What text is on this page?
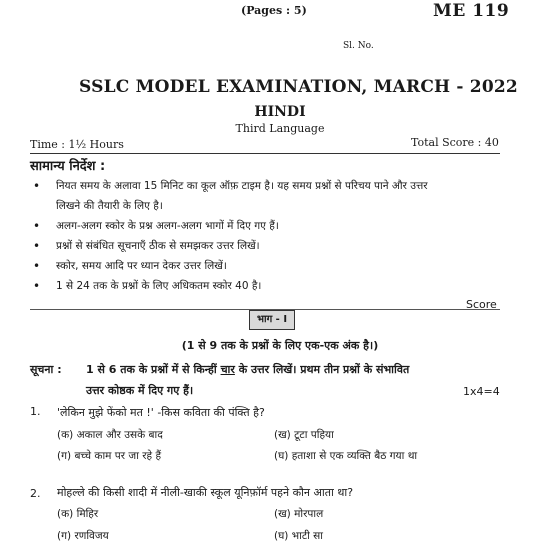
(Pages : 5)	ME 119
Sl. No.
SSLC MODEL EXAMINATION, MARCH - 2022
HINDI
Third Language
Time : 1½ Hours	Total Score : 40
सामान्य निर्देश :
• नियत समय के अलावा 15 मिनिट का कूल ऑफ़ टाइम है। यह समय प्रश्नों से परिचय पाने और उत्तर
लिखने की तैयारी के लिए है।
• अलग-अलग स्कोर के प्रश्न अलग-अलग भागों में दिए गए हैं।
• प्रश्नों से संबंधित सूचनाएँ ठीक से समझकर उत्तर लिखें।
• स्कोर, समय आदि पर ध्यान देकर उत्तर लिखें।
• 1 से 24 तक के प्रश्नों के लिए अधिकतम स्कोर 40 है।
Score
भाग - I
(1 से 9 तक के प्रश्नों के लिए एक-एक अंक है।)
सूचना : 1 से 6 तक के प्रश्नों में से किन्हीं चार के उत्तर लिखें। प्रथम तीन प्रश्नों के संभावित
उत्तर कोष्ठक में दिए गए हैं।	1x4=4
1. 'लेकिन मुझे फेंको मत !' -किस कविता की पंक्ति है?
(क) अकाल और उसके बाद	(ख) टूटा पहिया
(ग) बच्चे काम पर जा रहे हैं	(घ) हताशा से एक व्यक्ति बैठ गया था
2. मोहल्ले की किसी शादी में नीली-खाकी स्कूल यूनिफ़ॉर्म पहने कौन आता था?
(क) मिहिर	(ख) मोरपाल
(ग) रणविजय	(घ) भाटी सा
